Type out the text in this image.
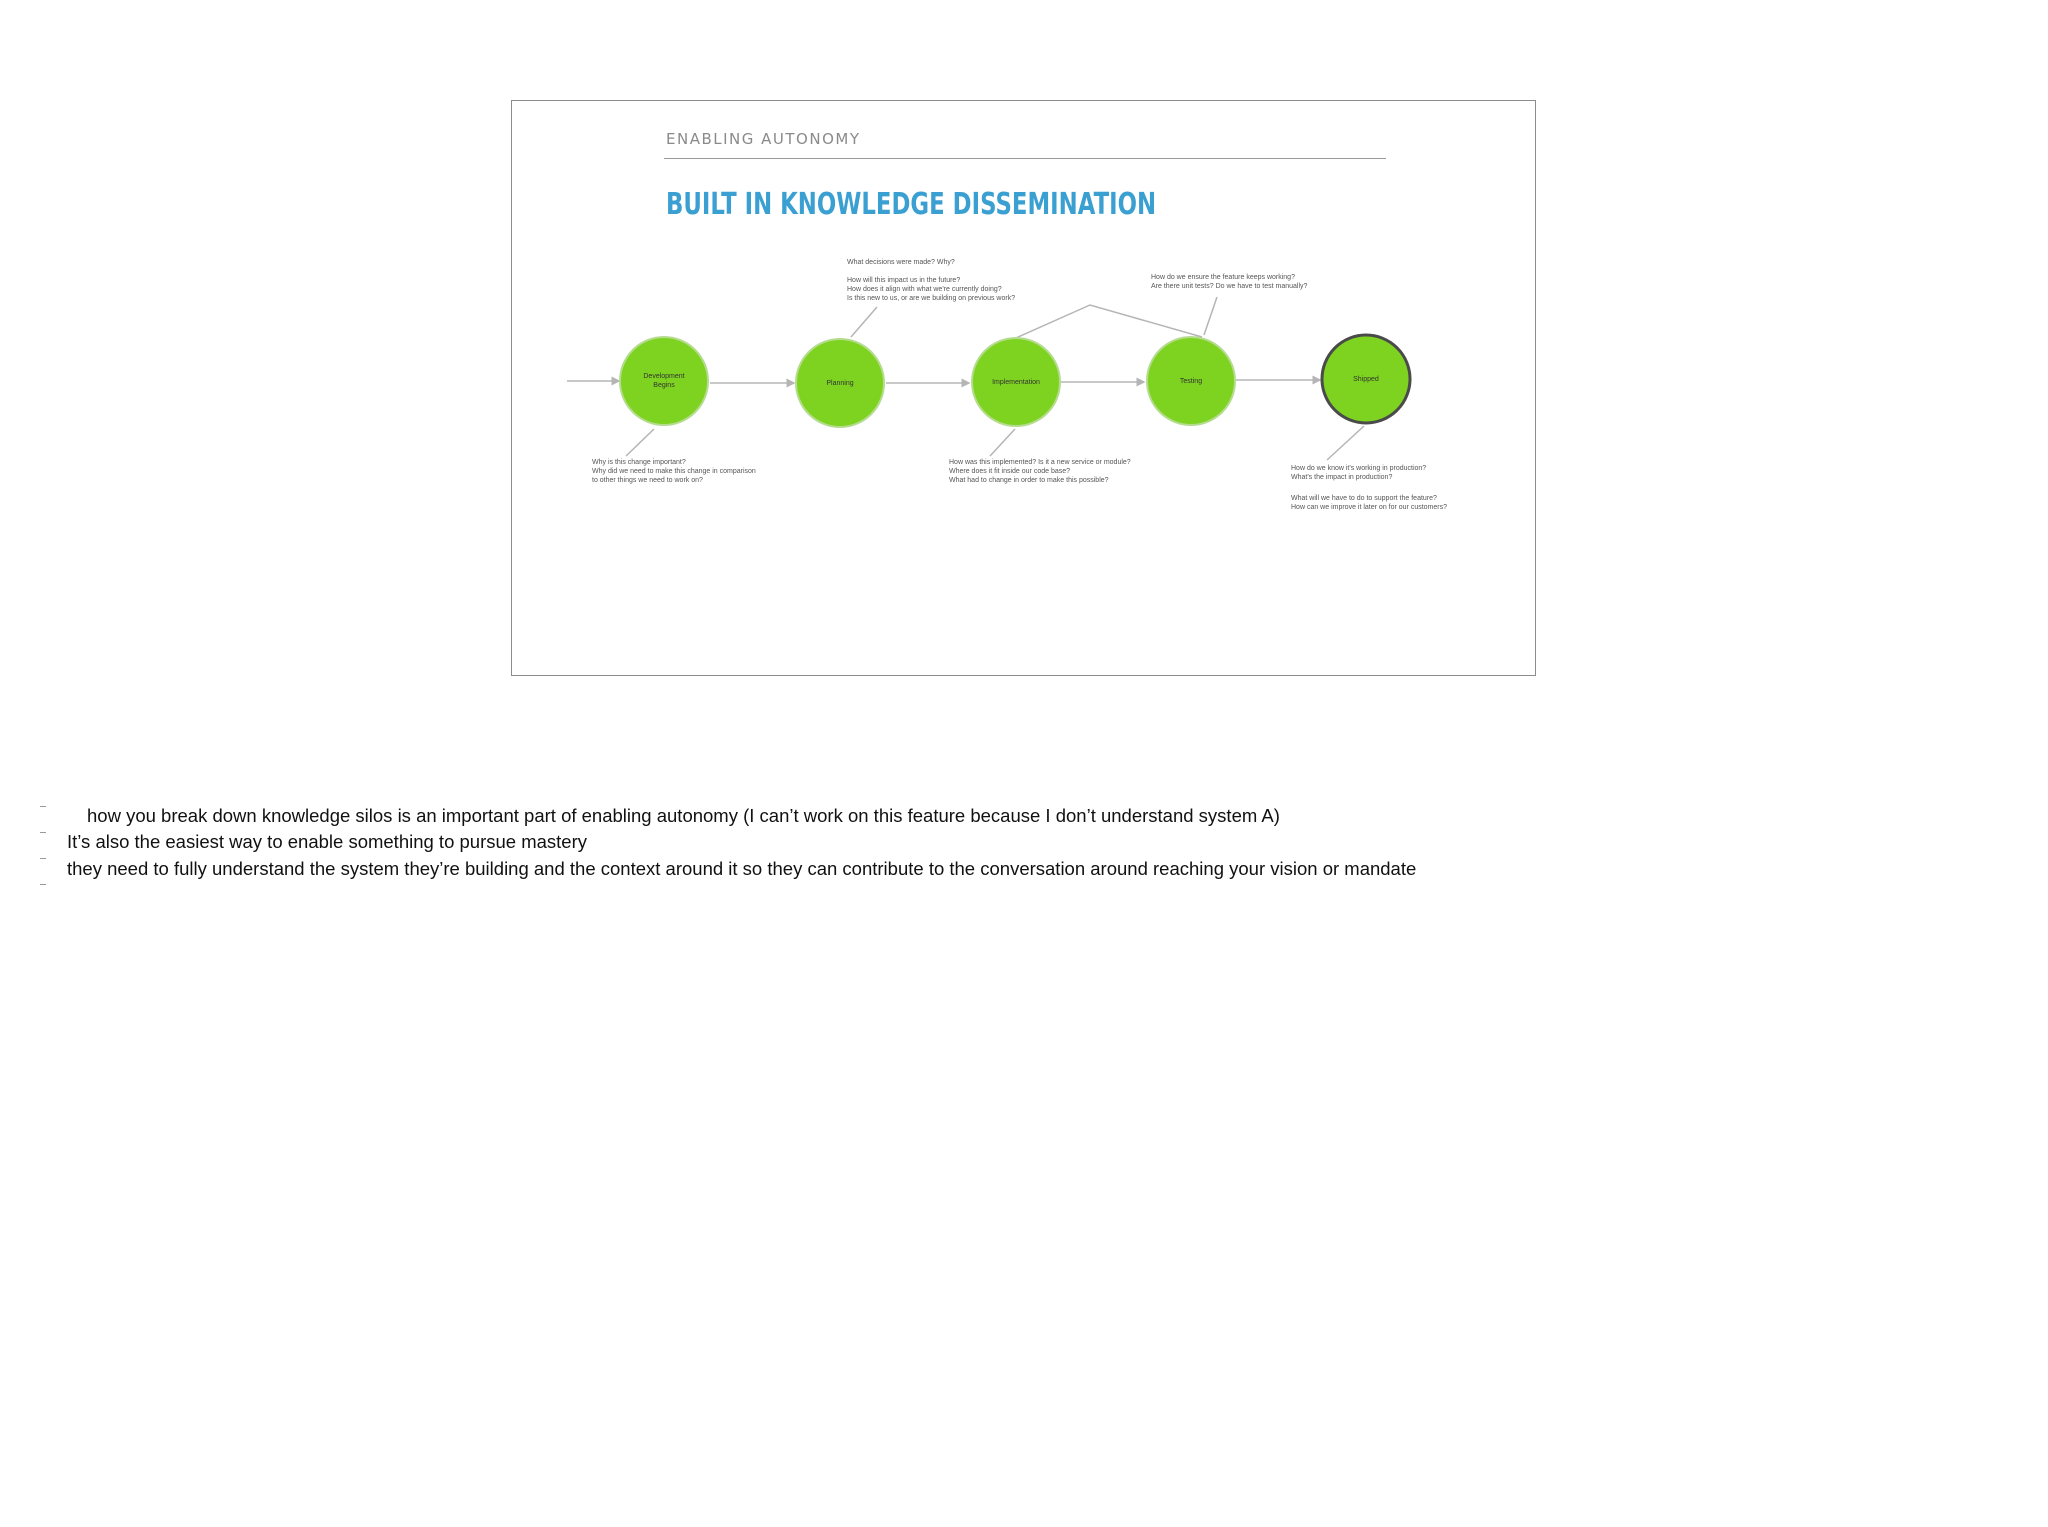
ENABLING AUTONOMY
BUILT IN KNOWLEDGE DISSEMINATION
Development
Begins	Planning	Implementation	Testing	Shipped
What decisions were made? Why?
How will this impact us in the future?
How does it align with what we're currently doing?
Is this new to us, or are we building on previous work?
How do we ensure the feature keeps working?
Are there unit tests? Do we have to test manually?
Why is this change important?
Why did we need to make this change in comparison
to other things we need to work on?
How was this implemented? Is it a new service or module?
Where does it fit inside our code base?
What had to change in order to make this possible?
How do we know it's working in production?
What's the impact in production?
What will we have to do to support the feature?
How can we improve it later on for our customers?
how you break down knowledge silos is an important part of enabling autonomy (I can’t work on this feature because I don’t understand system A)
It’s also the easiest way to enable something to pursue mastery
they need to fully understand the system they’re building and the context around it so they can contribute to the conversation around reaching your vision or mandate
